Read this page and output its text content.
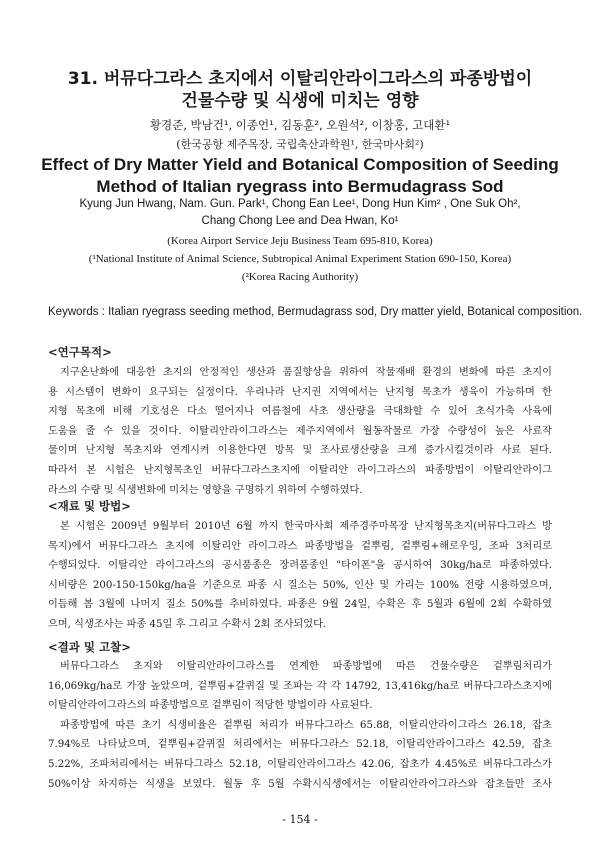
31. 버뮤다그라스 초지에서 이탈리안라이그라스의 파종방법이
건물수량 및 식생에 미치는 영향
황경준, 박남건¹, 이종언¹, 김동훈², 오원석², 이창홍, 고대환¹
(한국공항 제주목장, 국립축산과학원¹, 한국마사회²)
Effect of Dry Matter Yield and Botanical Composition of Seeding
Method of Italian ryegrass into Bermudagrass Sod
Kyung Jun Hwang, Nam. Gun. Park¹, Chong Ean Lee¹, Dong Hun Kim² , One Suk Oh²,
Chang Chong Lee and Dea Hwan, Ko¹
(Korea Airport Service Jeju Business Team 695-810, Korea)
(¹National Institute of Animal Science, Subtropical Animal Experiment Station 690-150, Korea)
(²Korea Racing Authority)
Keywords : Italian ryegrass seeding method, Bermudagrass sod, Dry matter yield, Botanical composition.
<연구목적>
지구온난화에 대응한 초지의 안정적인 생산과 품질향상을 위하여 작물재배 환경의 변화에 따른 초지이
용 시스템이 변화이 요구되는 실정이다. 우리나라 난지권 지역에서는 난지형 목초가 생육이 가능하며 한
지형 목초에 비해 기호성은 다소 떨어지나 여름철에 사초 생산량을 극대화할 수 있어 초식가축 사육에
도움을 줄 수 있을 것이다. 이탈리안라이그라스는 제주지역에서 월동작물로 가장 수량성이 높은 사료작
물이며 난지형 목초지와 연계시켜 이용한다면 방목 및 조사료생산량을 크게 증가시킬것이라 사료 된다.
따라서 본 시험은 난지형목초인 버뮤다그라스초지에 이탈리안 라이그라스의 파종방법이 이탈리안라이그
라스의 수량 및 식생변화에 미치는 영향을 구명하기 위하여 수행하였다.
<재료 및 방법>
본 시험은 2009년 9월부터 2010년 6월 까지 한국마사회 제주경주마목장 난지형목초지(버뮤다그라스 방
목지)에서 버뮤다그라스 초지에 이탈리안 라이그라스 파종방법을 겉뿌림, 겉뿌림+해로우잉, 조파 3처리로
수행되었다. 이탈리안 라이그라스의 공시품종은 장려품종인 "타이폰"을 공시하여 30kg/ha로 파종하였다.
시비량은 200-150-150kg/ha을 기준으로 파종 시 질소는 50%, 인산 및 가리는 100% 전량 시용하였으며,
이듬해 봄 3월에 나머지 질소 50%를 추비하였다. 파종은 9월 24일, 수확은 후 5월과 6월에 2회 수확하였
으며, 식생조사는 파종 45일 후 그리고 수확시 2회 조사되었다.
<결과 및 고찰>
버뮤다그라스 초지와 이탈리안라이그라스를 연계한 파종방법에 따른 건물수량은 겉뿌림처리가
16,069kg/ha로 가장 높았으며, 겉뿌림+갈퀴질 및 조파는 각 각 14792, 13,416kg/ha로 버뮤다그라스초지에
이탈리안라이그라스의 파종방법으로 겉뿌림이 적당한 방법이라 사료된다.
파종방법에 따른 초기 식생비율은 겉뿌림 처리가 버뮤다그라스 65.88, 이탈리안라이그라스 26.18, 잡초
7.94%로 나타났으며, 겉뿌림+갈퀴질 처리에서는 버뮤다그라스 52.18, 이탈리안라이그라스 42.59, 잡초
5.22%, 조파처리에서는 버뮤다그라스 52.18, 이탈리안라이그라스 42.06, 잡초가 4.45%로 버뮤다그라스가
50%이상 차지하는 식생을 보였다. 월동 후 5월 수확시식생에서는 이탈리안라이그라스와 잡초들만 조사
- 154 -
